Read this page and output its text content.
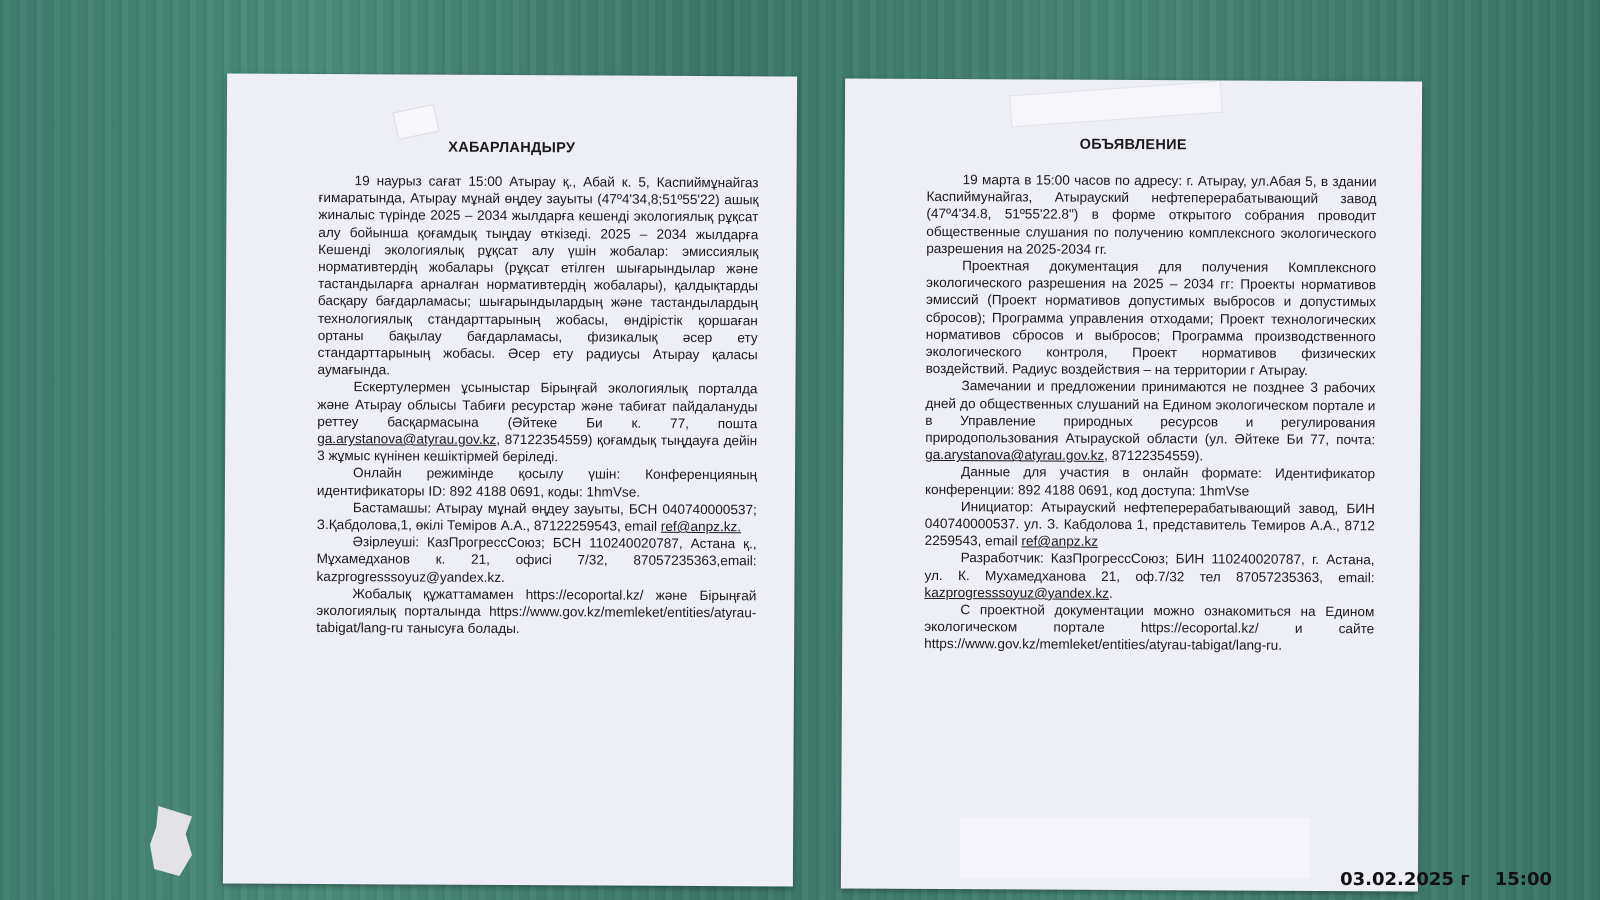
ХАБАРЛАНДЫРУ

19 наурыз сағат 15:00 Атырау қ., Абай к. 5, Каспиймұнайгаз ғимаратында, Атырау мұнай өңдеу зауыты (47º4'34,8;51º55'22) ашық жиналыс түрінде 2025 – 2034 жылдарға кешенді экологиялық рұқсат алу бойынша қоғамдық тыңдау өткізеді. 2025 – 2034 жылдарға Кешенді экологиялық рұқсат алу үшін жобалар: эмиссиялық нормативтердің жобалары (рұқсат етілген шығарындылар және тастандыларға арналған нормативтердің жобалары), қалдықтарды басқару бағдарламасы; шығарындылардың және тастандылардың технологиялық стандарттарының жобасы, өндірістік қоршаған ортаны бақылау бағдарламасы, физикалық әсер ету стандарттарының жобасы. Әсер ету радиусы Атырау қаласы аумағында.

Ескертулермен ұсыныстар Бірыңғай экологиялық порталда және Атырау облысы Табиғи ресурстар және табиғат пайдалануды реттеу басқармасына (Әйтеке Би к. 77, пошта ga.arystanova@atyrau.gov.kz, 87122354559) қоғамдық тыңдауға дейін 3 жұмыс күнінен кешіктірмей беріледі.

Онлайн режимінде қосылу үшін: Конференцияның идентификаторы ID: 892 4188 0691, коды: 1hmVse.

Бастамашы: Атырау мұнай өңдеу зауыты, БСН 040740000537; З.Қабдолова,1, өкілі Теміров А.А., 87122259543, email ref@anpz.kz.

Әзірлеуші: КазПрогрессСоюз; БСН 110240020787, Астана қ., Мұхамедханов к. 21, офисі 7/32, 87057235363,email: kazprogresssoyuz@yandex.kz.

Жобалық құжаттамамен https://ecoportal.kz/ және Бірыңғай экологиялық порталында https://www.gov.kz/memleket/entities/atyrau-tabigat/lang-ru танысуға болады.

ОБЪЯВЛЕНИЕ

19 марта в 15:00 часов по адресу: г. Атырау, ул.Абая 5, в здании Каспиймунайгаз, Атырауский нефтеперерабатывающий завод (47º4'34.8, 51º55'22.8") в форме открытого собрания проводит общественные слушания по получению комплексного экологического разрешения на 2025-2034 гг.

Проектная документация для получения Комплексного экологического разрешения на 2025 – 2034 гг: Проекты нормативов эмиссий (Проект нормативов допустимых выбросов и допустимых сбросов); Программа управления отходами; Проект технологических нормативов сбросов и выбросов; Программа производственного экологического контроля, Проект нормативов физических воздействий. Радиус воздействия – на территории г Атырау.

Замечании и предложении принимаются не позднее 3 рабочих дней до общественных слушаний на Едином экологическом портале и в Управление природных ресурсов и регулирования природопользования Атырауской области (ул. Әйтеке Би 77, почта: ga.arystanova@atyrau.gov.kz, 87122354559).

Данные для участия в онлайн формате: Идентификатор конференции: 892 4188 0691, код доступа: 1hmVse

Инициатор: Атырауский нефтеперерабатывающий завод, БИН 040740000537. ул. З. Кабдолова 1, представитель Темиров А.А., 8712 2259543, email ref@anpz.kz

Разработчик: КазПрогрессСоюз; БИН 110240020787, г. Астана, ул. К. Мухамедханова 21, оф.7/32 тел 87057235363, email: kazprogresssoyuz@yandex.kz.

С проектной документации можно ознакомиться на Едином экологическом портале https://ecoportal.kz/ и сайте https://www.gov.kz/memleket/entities/atyrau-tabigat/lang-ru.

03.02.2025 г    15:00
